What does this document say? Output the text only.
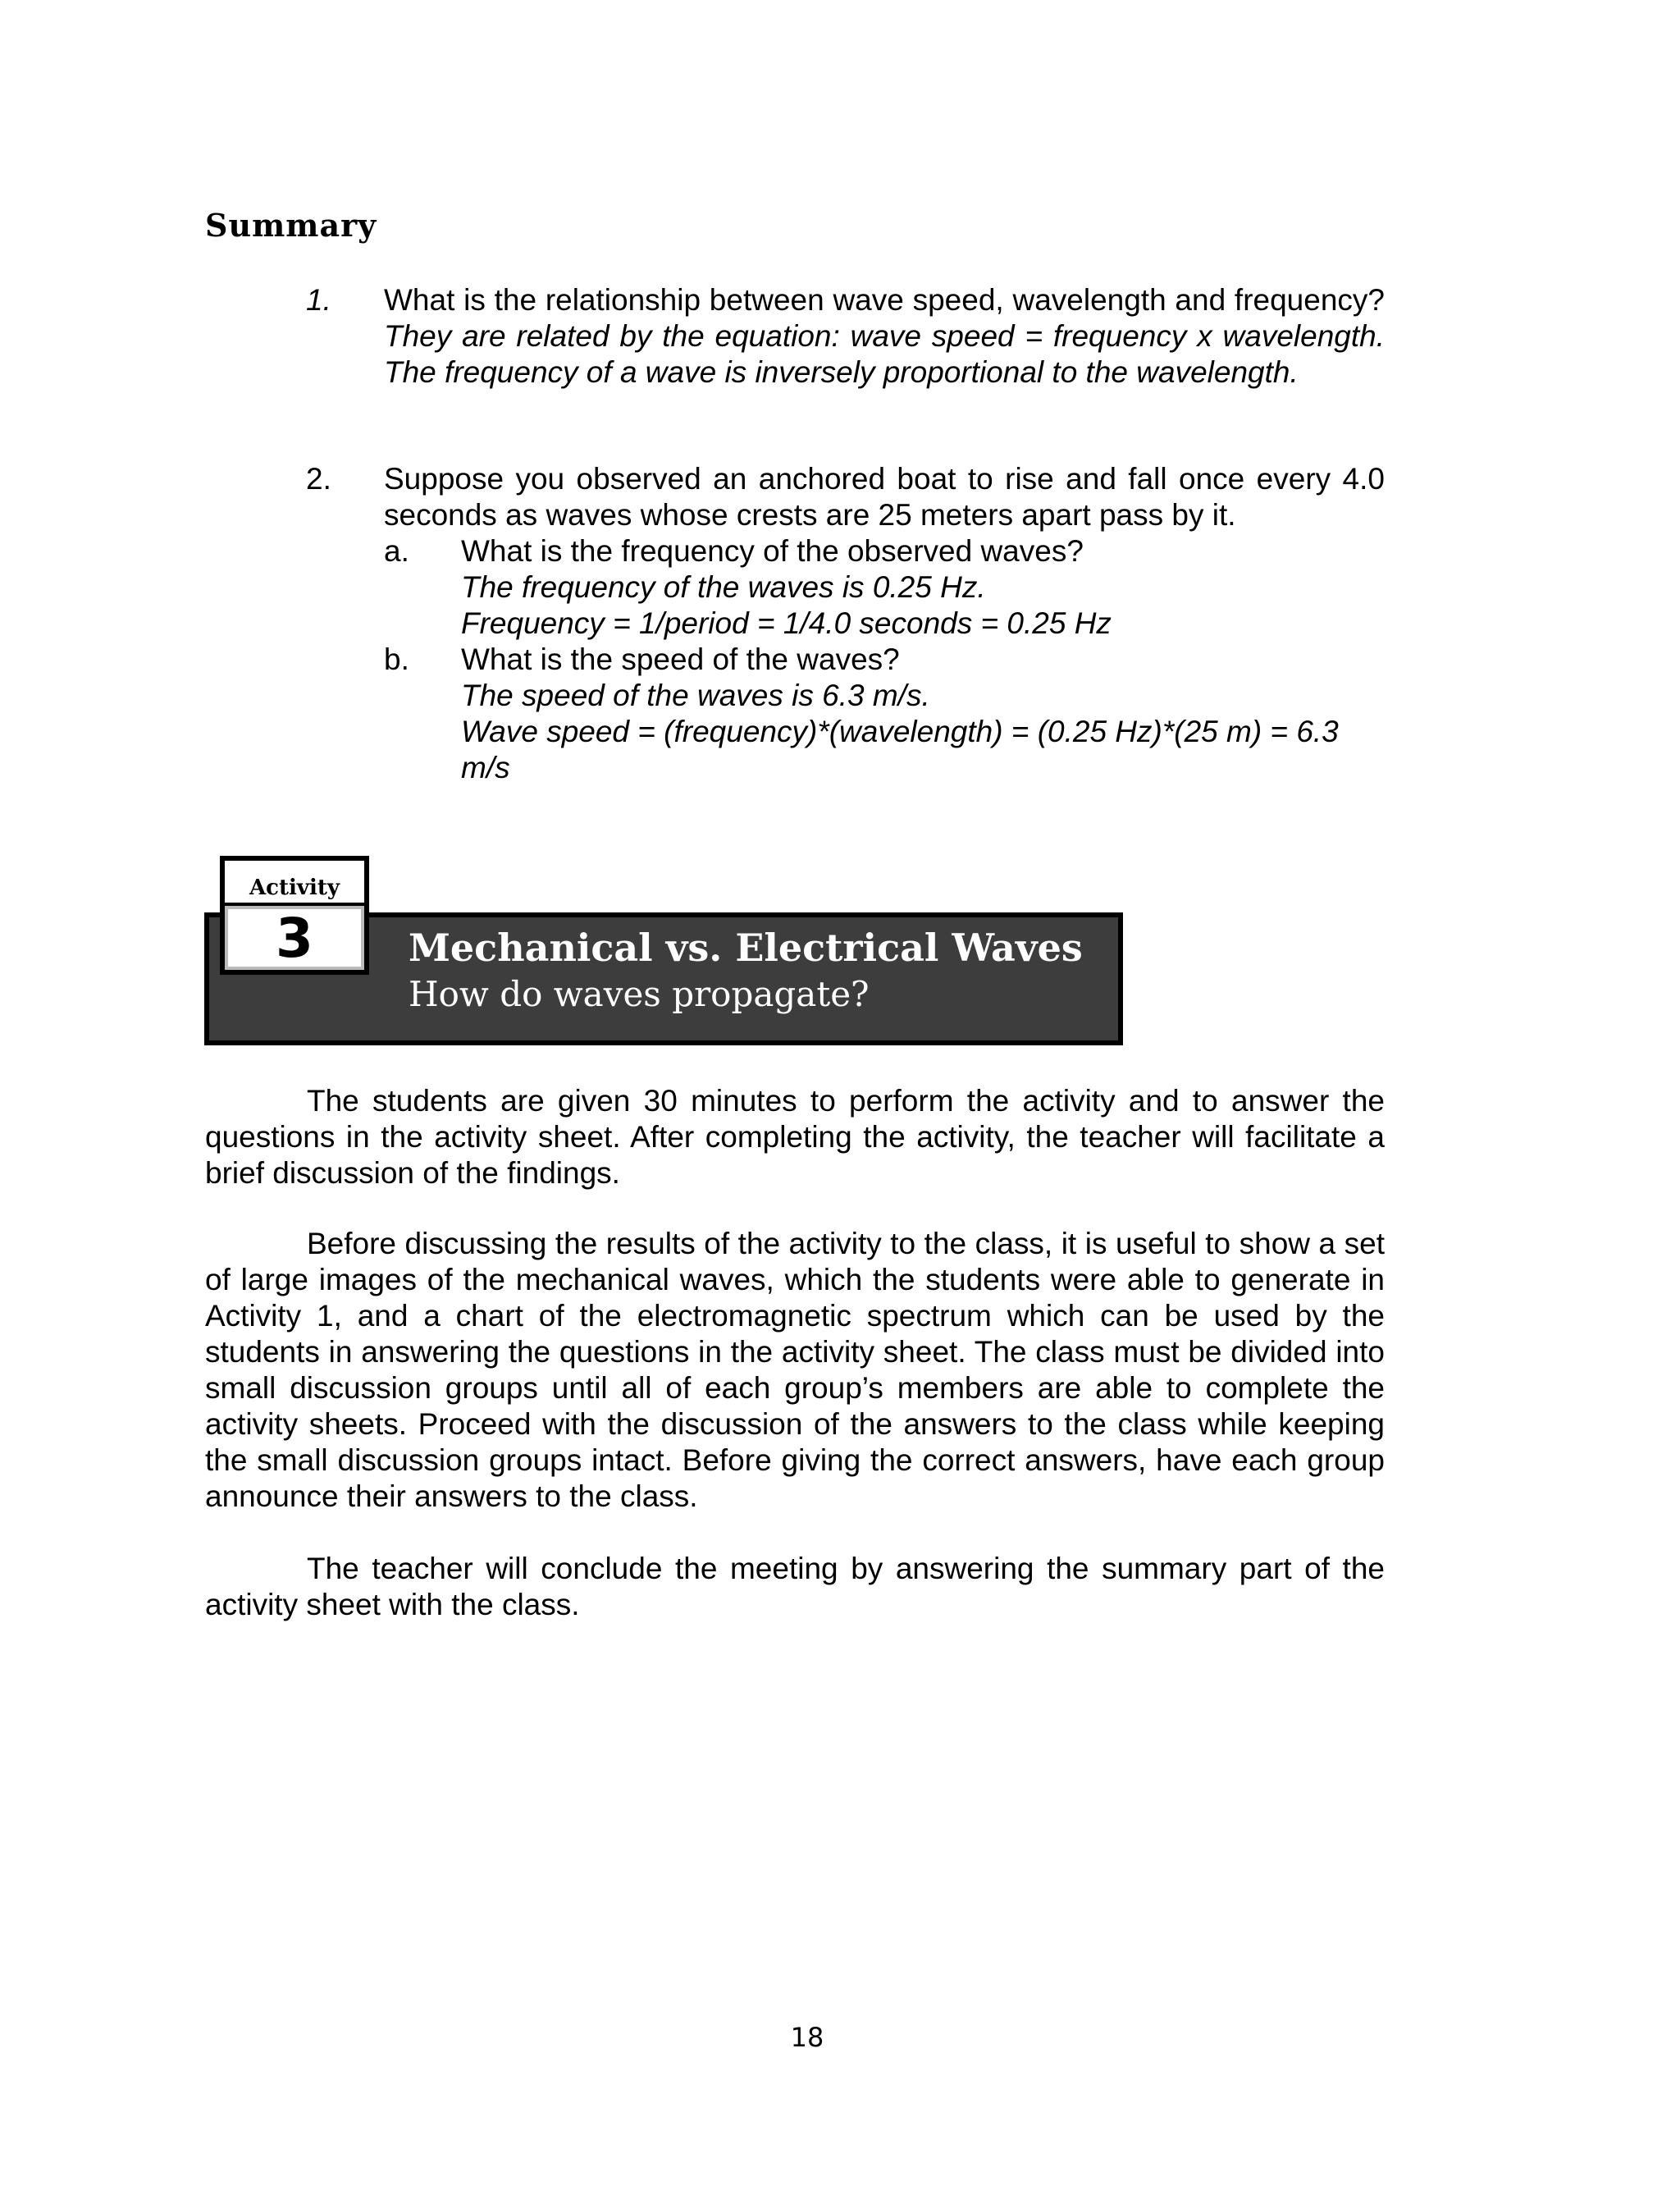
Summary
1.	What is the relationship between wave speed, wavelength and frequency? They are related by the equation: wave speed = frequency x wavelength. The frequency of a wave is inversely proportional to the wavelength.
2.	Suppose you observed an anchored boat to rise and fall once every 4.0 seconds as waves whose crests are 25 meters apart pass by it.
a.	What is the frequency of the observed waves?
The frequency of the waves is 0.25 Hz.
Frequency = 1/period = 1/4.0 seconds = 0.25 Hz
b.	What is the speed of the waves?
The speed of the waves is 6.3 m/s.
Wave speed = (frequency)*(wavelength) = (0.25 Hz)*(25 m) = 6.3 m/s
Activity
3	Mechanical vs. Electrical Waves
How do waves propagate?
The students are given 30 minutes to perform the activity and to answer the questions in the activity sheet. After completing the activity, the teacher will facilitate a brief discussion of the findings.
Before discussing the results of the activity to the class, it is useful to show a set of large images of the mechanical waves, which the students were able to generate in Activity 1, and a chart of the electromagnetic spectrum which can be used by the students in answering the questions in the activity sheet. The class must be divided into small discussion groups until all of each group’s members are able to complete the activity sheets. Proceed with the discussion of the answers to the class while keeping the small discussion groups intact. Before giving the correct answers, have each group announce their answers to the class.
The teacher will conclude the meeting by answering the summary part of the activity sheet with the class.
18
